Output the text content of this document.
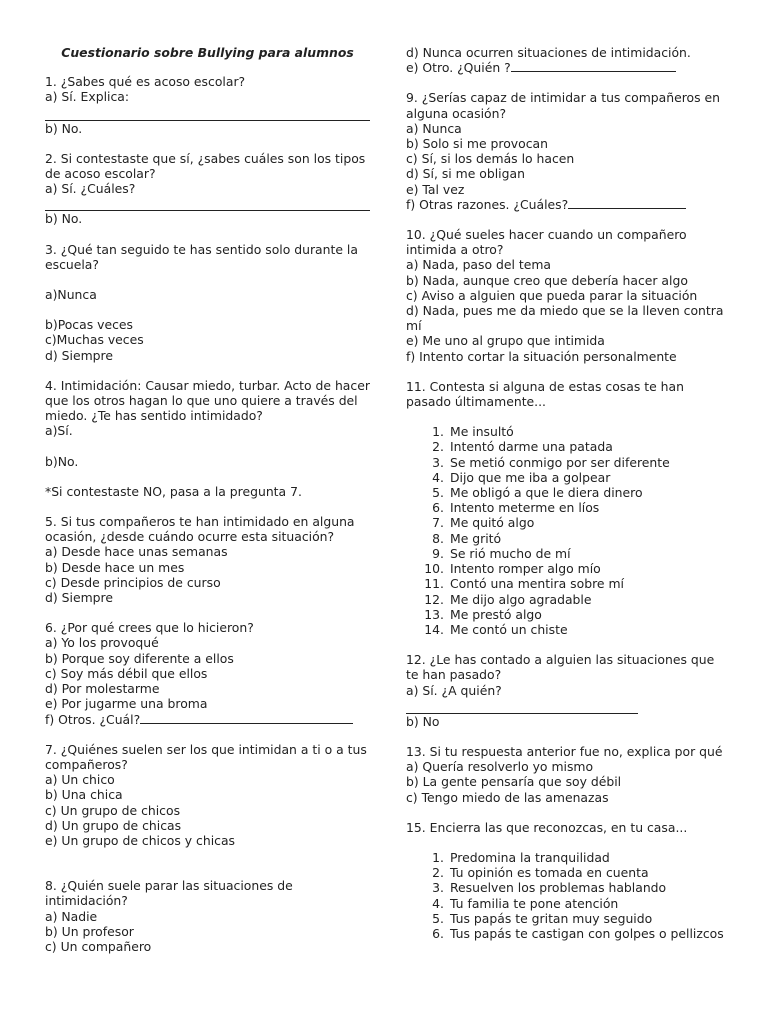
Cuestionario sobre Bullying para alumnos

1. ¿Sabes qué es acoso escolar?

a) Sí. Explica:

b) No.

2. Si contestaste que sí, ¿sabes cuáles son los tipos de acoso escolar?

a) Sí. ¿Cuáles?

b) No.

3. ¿Qué tan seguido te has sentido solo durante la escuela?

a)Nunca

b)Pocas veces

c)Muchas veces

d) Siempre

4. Intimidación: Causar miedo, turbar. Acto de hacer que los otros hagan lo que uno quiere a través del miedo. ¿Te has sentido intimidado?

a)Sí.

b)No.

*Si contestaste NO, pasa a la pregunta 7.

5. Si tus compañeros te han intimidado en alguna ocasión, ¿desde cuándo ocurre esta situación?

a) Desde hace unas semanas

b) Desde hace un mes

c) Desde principios de curso

d) Siempre

6. ¿Por qué crees que lo hicieron?

a) Yo los provoqué

b) Porque soy diferente a ellos

c) Soy más débil que ellos

d) Por molestarme

e) Por jugarme una broma

f) Otros. ¿Cuál?

7. ¿Quiénes suelen ser los que intimidan a ti o a tus compañeros?

a) Un chico

b) Una chica

c) Un grupo de chicos

d) Un grupo de chicas

e) Un grupo de chicos y chicas

8. ¿Quién suele parar las situaciones de intimidación?

a) Nadie

b) Un profesor

c) Un compañero

d) Nunca ocurren situaciones de intimidación.

e) Otro. ¿Quién ?

9. ¿Serías capaz de intimidar a tus compañeros en alguna ocasión?

a) Nunca

b) Solo si me provocan

c) Sí, si los demás lo hacen

d) Sí, si me obligan

e) Tal vez

f) Otras razones. ¿Cuáles?

10. ¿Qué sueles hacer cuando un compañero intimida a otro?

a) Nada, paso del tema

b) Nada, aunque creo que debería hacer algo

c) Aviso a alguien que pueda parar la situación

d) Nada, pues me da miedo que se la lleven contra mí

e) Me uno al grupo que intimida

f) Intento cortar la situación personalmente

11. Contesta si alguna de estas cosas te han pasado últimamente...

1. Me insultó
2. Intentó darme una patada
3. Se metió conmigo por ser diferente
4. Dijo que me iba a golpear
5. Me obligó a que le diera dinero
6. Intento meterme en líos
7. Me quitó algo
8. Me gritó
9. Se rió mucho de mí
10. Intento romper algo mío
11. Contó una mentira sobre mí
12. Me dijo algo agradable
13. Me prestó algo
14. Me contó un chiste

12. ¿Le has contado a alguien las situaciones que te han pasado?

a) Sí. ¿A quién?

b) No

13. Si tu respuesta anterior fue no, explica por qué

a) Quería resolverlo yo mismo

b) La gente pensaría que soy débil

c) Tengo miedo de las amenazas

15. Encierra las que reconozcas, en tu casa...

1. Predomina la tranquilidad
2. Tu opinión es tomada en cuenta
3. Resuelven los problemas hablando
4. Tu familia te pone atención
5. Tus papás te gritan muy seguido
6. Tus papás te castigan con golpes o pellizcos
